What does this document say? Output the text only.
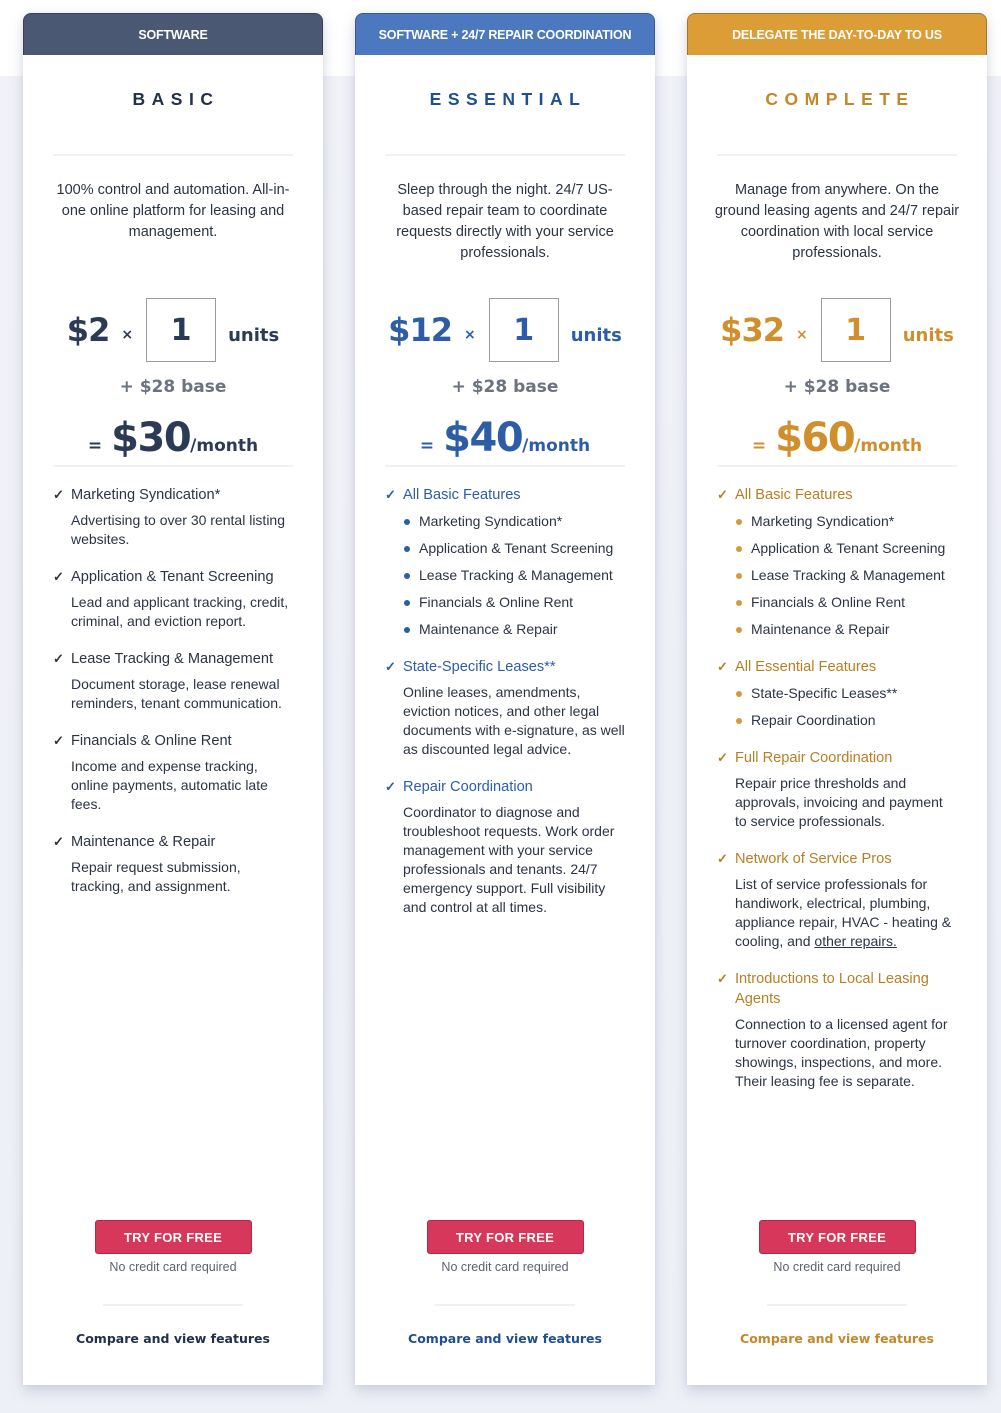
SOFTWARE
BASIC
100% control and automation. All-in-one online platform for leasing and management.
$2 ×
1	units
+ $28 base
= $30 /month
✓ Marketing Syndication*
Advertising to over 30 rental listing websites.
✓ Application & Tenant Screening
Lead and applicant tracking, credit, criminal, and eviction report.
✓ Lease Tracking & Management
Document storage, lease renewal reminders, tenant communication.
✓ Financials & Online Rent
Income and expense tracking, online payments, automatic late fees.
✓ Maintenance & Repair
Repair request submission, tracking, and assignment.
TRY FOR FREE
No credit card required
Compare and view features
SOFTWARE + 24/7 REPAIR COORDINATION
ESSENTIAL
Sleep through the night. 24/7 US-based repair team to coordinate requests directly with your service professionals.
$12 ×
1	units
+ $28 base
= $40 /month
✓ All Basic Features
Marketing Syndication*
Application & Tenant Screening
Lease Tracking & Management
Financials & Online Rent
Maintenance & Repair
✓ State-Specific Leases**
Online leases, amendments, eviction notices, and other legal documents with e-signature, as well as discounted legal advice.
✓ Repair Coordination
Coordinator to diagnose and troubleshoot requests. Work order management with your service professionals and tenants. 24/7 emergency support. Full visibility and control at all times.
TRY FOR FREE
No credit card required
Compare and view features
DELEGATE THE DAY-TO-DAY TO US
COMPLETE
Manage from anywhere. On the ground leasing agents and 24/7 repair coordination with local service professionals.
$32 ×
1	units
+ $28 base
= $60 /month
✓ All Basic Features
Marketing Syndication*
Application & Tenant Screening
Lease Tracking & Management
Financials & Online Rent
Maintenance & Repair
✓ All Essential Features
State-Specific Leases**
Repair Coordination
✓ Full Repair Coordination
Repair price thresholds and approvals, invoicing and payment to service professionals.
✓ Network of Service Pros
List of service professionals for handiwork, electrical, plumbing, appliance repair, HVAC - heating & cooling, and other repairs.
✓ Introductions to Local Leasing Agents
Connection to a licensed agent for turnover coordination, property showings, inspections, and more. Their leasing fee is separate.
TRY FOR FREE
No credit card required
Compare and view features
